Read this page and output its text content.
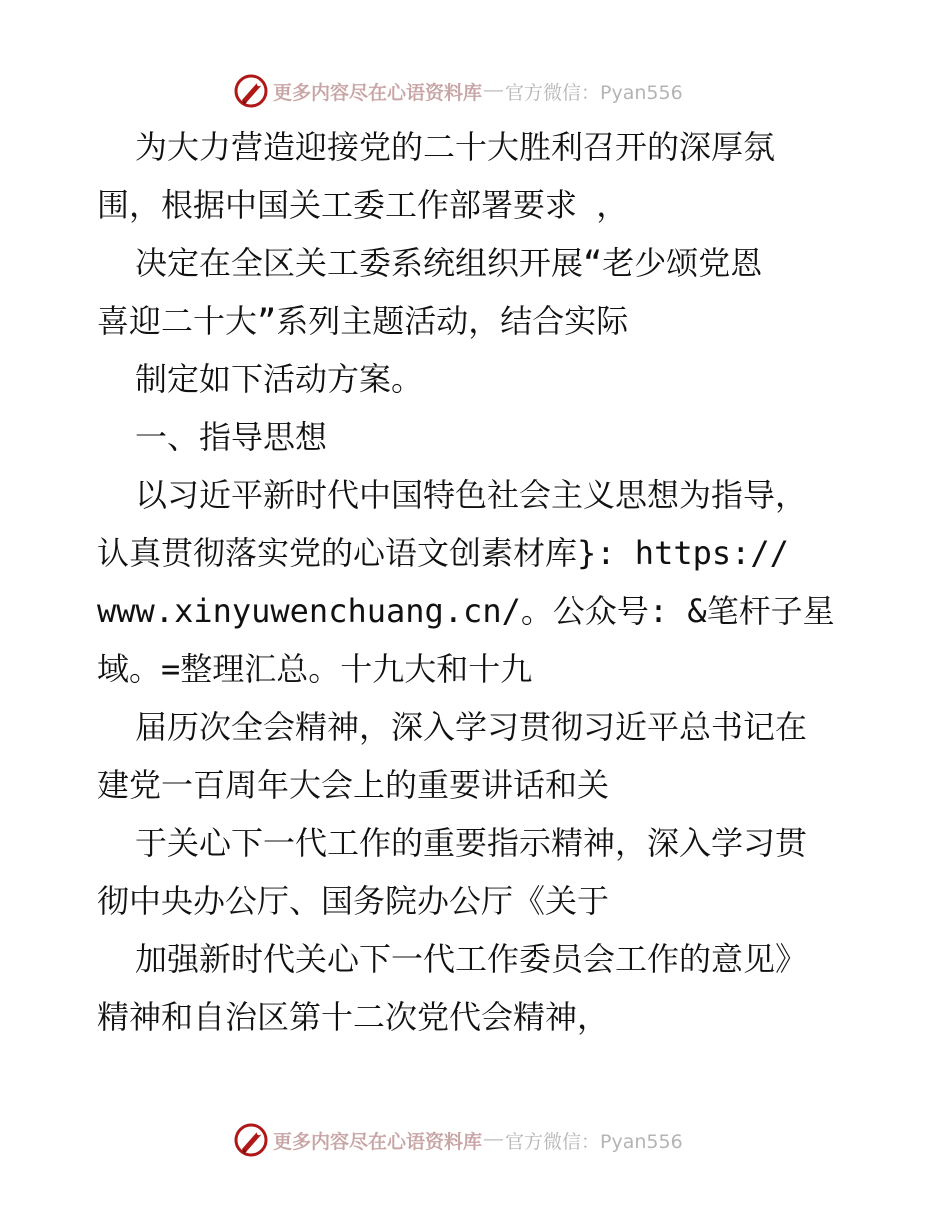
更多内容尽在心语资料库 — 官方微信：Pyan556
为大力营造迎接党的二十大胜利召开的深厚氛
围，根据中国关工委工作部署要求 ，
决定在全区关工委系统组织开展“老少颂党恩
喜迎二十大”系列主题活动，结合实际
制定如下活动方案。
一、指导思想
以习近平新时代中国特色社会主义思想为指导，
认真贯彻落实党的心语文创素材库}: https://
www.xinyuwenchuang.cn/。公众号: &笔杆子星
域。=整理汇总。十九大和十九
届历次全会精神，深入学习贯彻习近平总书记在
建党一百周年大会上的重要讲话和关
于关心下一代工作的重要指示精神，深入学习贯
彻中央办公厅、国务院办公厅《关于
加强新时代关心下一代工作委员会工作的意见》
精神和自治区第十二次党代会精神，
更多内容尽在心语资料库 — 官方微信：Pyan556
